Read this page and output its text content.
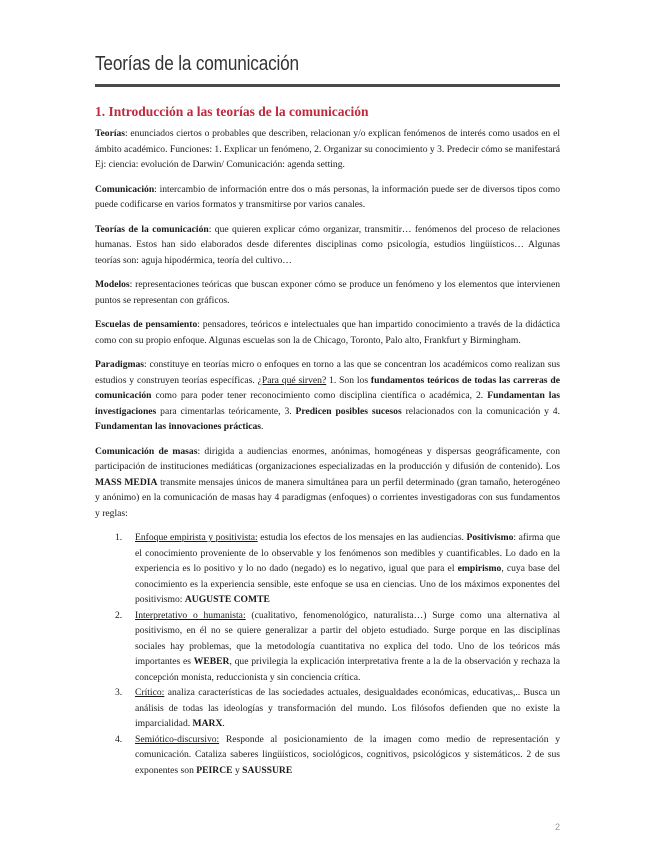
Teorías de la comunicación
1. Introducción a las teorías de la comunicación

Teorías: enunciados ciertos o probables que describen, relacionan y/o explican fenómenos de interés como usados en el ámbito académico. Funciones: 1. Explicar un fenómeno, 2. Organizar su conocimiento y 3. Predecir cómo se manifestará Ej: ciencia: evolución de Darwin/ Comunicación: agenda setting.

Comunicación: intercambio de información entre dos o más personas, la información puede ser de diversos tipos como puede codificarse en varios formatos y transmitirse por varios canales.

Teorías de la comunicación: que quieren explicar cómo organizar, transmitir… fenómenos del proceso de relaciones humanas. Estos han sido elaborados desde diferentes disciplinas como psicología, estudios lingüísticos… Algunas teorías son: aguja hipodérmica, teoría del cultivo…

Modelos: representaciones teóricas que buscan exponer cómo se produce un fenómeno y los elementos que intervienen puntos se representan con gráficos.

Escuelas de pensamiento: pensadores, teóricos e intelectuales que han impartido conocimiento a través de la didáctica como con su propio enfoque. Algunas escuelas son la de Chicago, Toronto, Palo alto, Frankfurt y Birmingham.

Paradigmas: constituye en teorías micro o enfoques en torno a las que se concentran los académicos como realizan sus estudios y construyen teorías específicas. ¿Para qué sirven? 1. Son los fundamentos teóricos de todas las carreras de comunicación como para poder tener reconocimiento como disciplina científica o académica, 2. Fundamentan las investigaciones para cimentarlas teóricamente, 3. Predicen posibles sucesos relacionados con la comunicación y 4. Fundamentan las innovaciones prácticas.

Comunicación de masas: dirigida a audiencias enormes, anónimas, homogéneas y dispersas geográficamente, con participación de instituciones mediáticas (organizaciones especializadas en la producción y difusión de contenido). Los MASS MEDIA transmite mensajes únicos de manera simultánea para un perfil determinado (gran tamaño, heterogéneo y anónimo) en la comunicación de masas hay 4 paradigmas (enfoques) o corrientes investigadoras con sus fundamentos y reglas:

1. Enfoque empirista y positivista: estudia los efectos de los mensajes en las audiencias. Positivismo: afirma que el conocimiento proveniente de lo observable y los fenómenos son medibles y cuantificables. Lo dado en la experiencia es lo positivo y lo no dado (negado) es lo negativo, igual que para el empirismo, cuya base del conocimiento es la experiencia sensible, este enfoque se usa en ciencias. Uno de los máximos exponentes del positivismo: AUGUSTE COMTE
2. Interpretativo o humanista: (cualitativo, fenomenológico, naturalista…) Surge como una alternativa al positivismo, en él no se quiere generalizar a partir del objeto estudiado. Surge porque en las disciplinas sociales hay problemas, que la metodología cuantitativa no explica del todo. Uno de los teóricos más importantes es WEBER, que privilegia la explicación interpretativa frente a la de la observación y rechaza la concepción monista, reduccionista y sin conciencia crítica.
3. Crítico: analiza características de las sociedades actuales, desigualdades económicas, educativas,.. Busca un análisis de todas las ideologías y transformación del mundo. Los filósofos defienden que no existe la imparcialidad. MARX.
4. Semiótico-discursivo: Responde al posicionamiento de la imagen como medio de representación y comunicación. Cataliza saberes lingüísticos, sociológicos, cognitivos, psicológicos y sistemáticos. 2 de sus exponentes son PEIRCE y SAUSSURE
2
